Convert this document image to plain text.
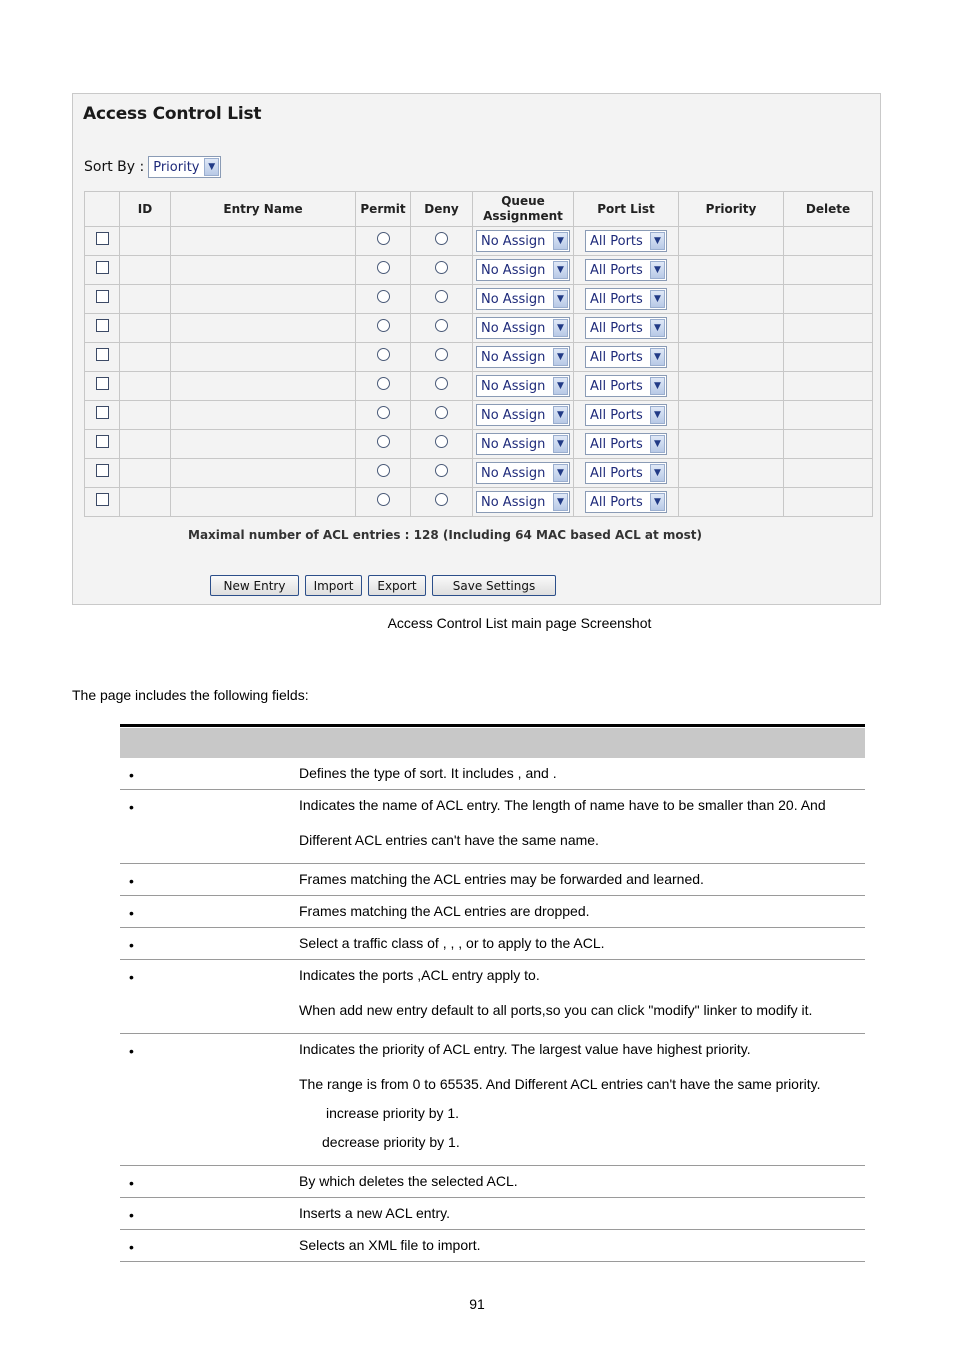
Access Control List
Sort By : Priority ▼
	ID	Entry Name	Permit	Deny	Queue Assignment	Port List	Priority	Delete

					No Assign ▼	All Ports ▼		

					No Assign ▼	All Ports ▼		

					No Assign ▼	All Ports ▼		

					No Assign ▼	All Ports ▼		

					No Assign ▼	All Ports ▼		

					No Assign ▼	All Ports ▼		

					No Assign ▼	All Ports ▼		

					No Assign ▼	All Ports ▼		

					No Assign ▼	All Ports ▼		

					No Assign ▼	All Ports ▼		

Maximal number of ACL entries : 128 (Including 64 MAC based ACL at most)
New Entry	Import	Export	Save Settings
Access Control List main page Screenshot
The page includes the following fields:
•	Defines the type of sort. It includes , and .
•	Indicates the name of ACL entry. The length of name have to be smaller than 20. And
Different ACL entries can't have the same name.
•	Frames matching the ACL entries may be forwarded and learned.
•	Frames matching the ACL entries are dropped.
•	Select a traffic class of , , , or to apply to the ACL.
•	Indicates the ports ,ACL entry apply to.
When add new entry default to all ports,so you can click "modify" linker to modify it.
•	Indicates the priority of ACL entry. The largest value have highest priority.
The range is from 0 to 65535. And Different ACL entries can't have the same priority.
increase priority by 1.
decrease priority by 1.
•	By which deletes the selected ACL.
•	Inserts a new ACL entry.
•	Selects an XML file to import.
91
